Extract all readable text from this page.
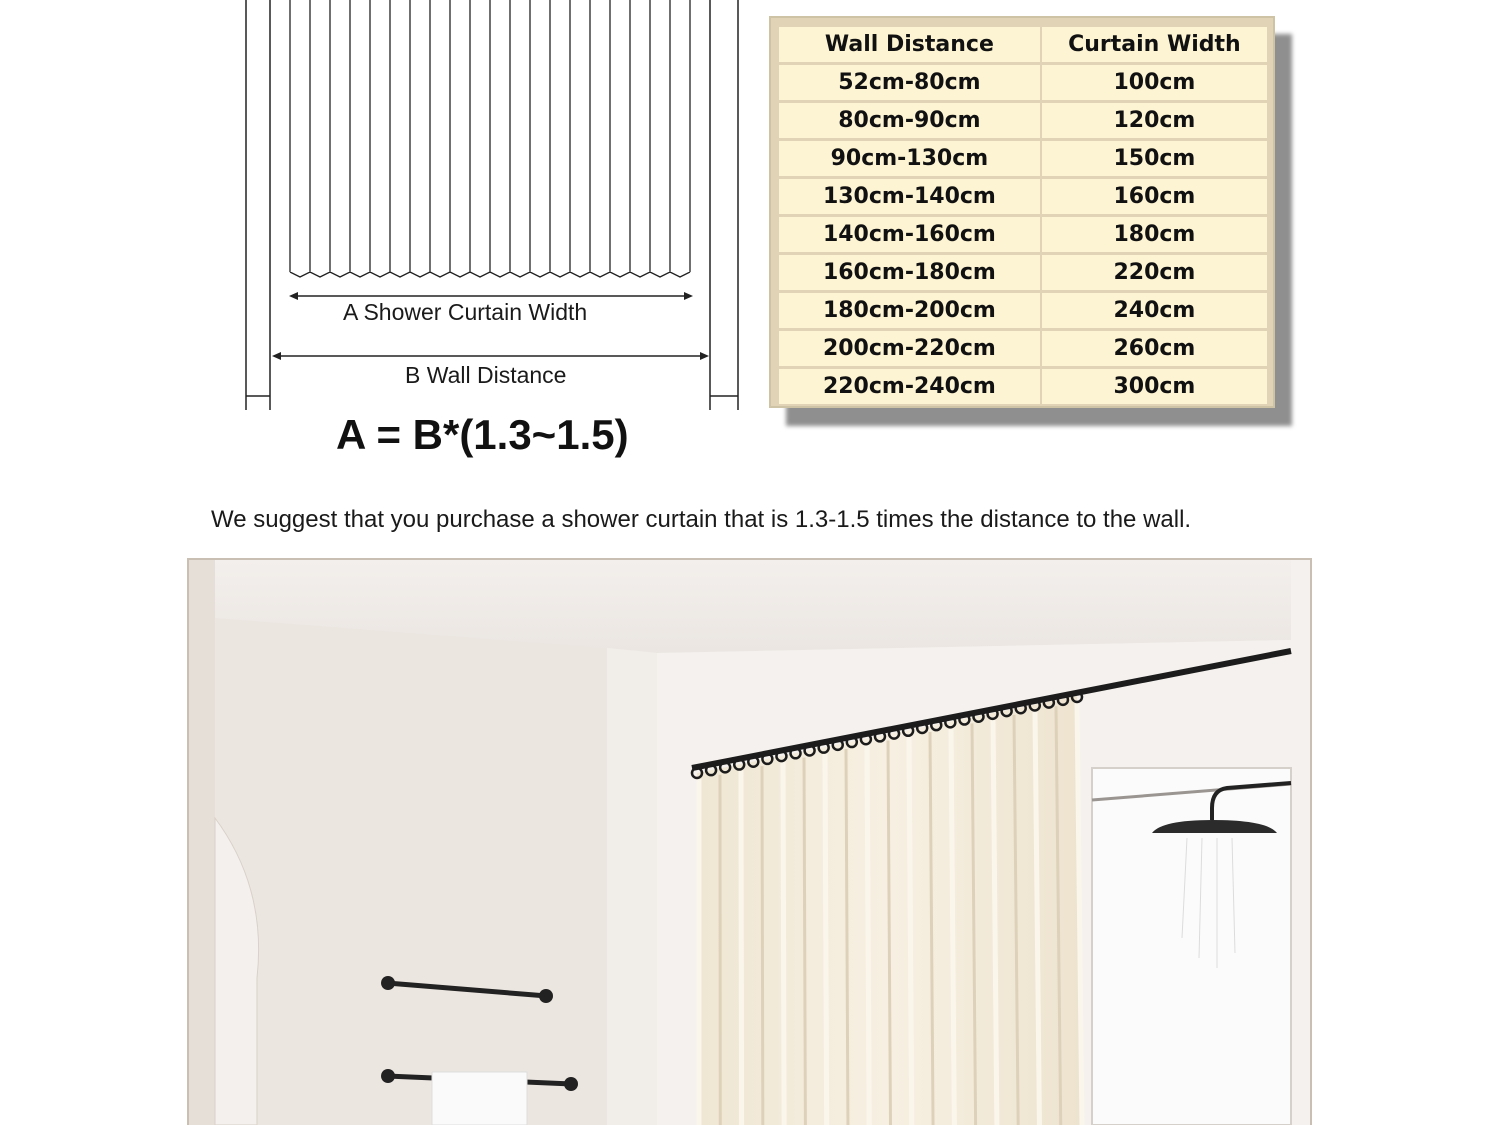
A Shower Curtain Width
B Wall Distance
A = B*(1.3~1.5)
Wall Distance	Curtain Width
52cm-80cm	100cm
80cm-90cm	120cm
90cm-130cm	150cm
130cm-140cm	160cm
140cm-160cm	180cm
160cm-180cm	220cm
180cm-200cm	240cm
200cm-220cm	260cm
220cm-240cm	300cm
We suggest that you purchase a shower curtain that is 1.3-1.5 times the distance to the wall.
